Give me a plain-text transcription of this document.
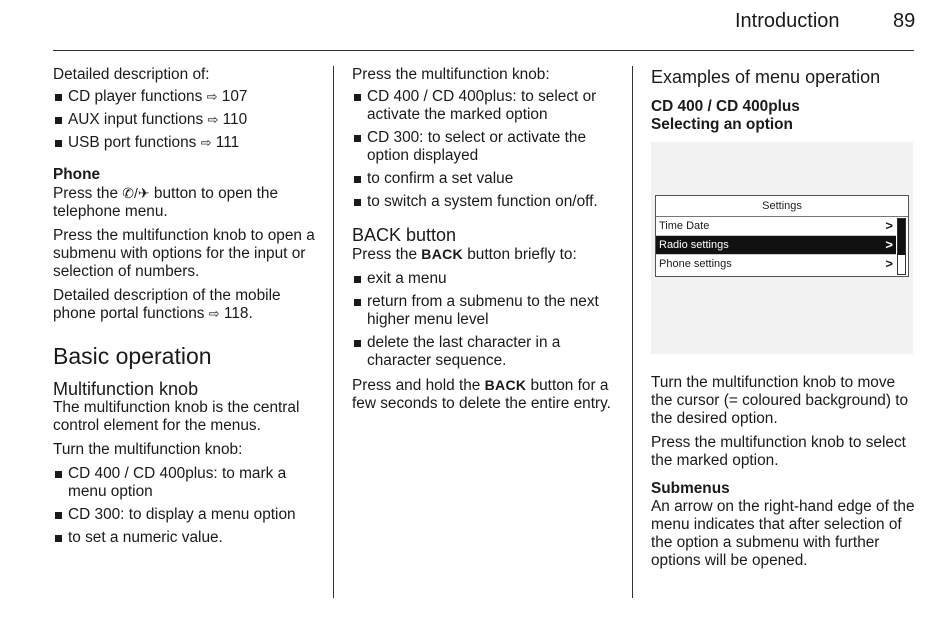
Introduction	89

Detailed description of:

CD player functions ⇨ 107
AUX input functions ⇨ 110
USB port functions ⇨ 111

Phone

Press the ✆/✈ button to open the telephone menu.

Press the multifunction knob to open a submenu with options for the input or selection of numbers.

Detailed description of the mobile phone portal functions ⇨ 118.

Basic operation

Multifunction knob

The multifunction knob is the central control element for the menus.

Turn the multifunction knob:

CD 400 / CD 400plus: to mark a menu option
CD 300: to display a menu option
to set a numeric value.

Press the multifunction knob:

CD 400 / CD 400plus: to select or activate the marked option
CD 300: to select or activate the option displayed
to confirm a set value
to switch a system function on/off.

BACK button

Press the BACK button briefly to:

exit a menu
return from a submenu to the next higher menu level
delete the last character in a character sequence.

Press and hold the BACK button for a few seconds to delete the entire entry.

Examples of menu operation

CD 400 / CD 400plus

Selecting an option

Settings
Time Date	>
Radio settings	>
Phone settings	>

Turn the multifunction knob to move the cursor (= coloured background) to the desired option.

Press the multifunction knob to select the marked option.

Submenus

An arrow on the right-hand edge of the menu indicates that after selection of the option a submenu with further options will be opened.
